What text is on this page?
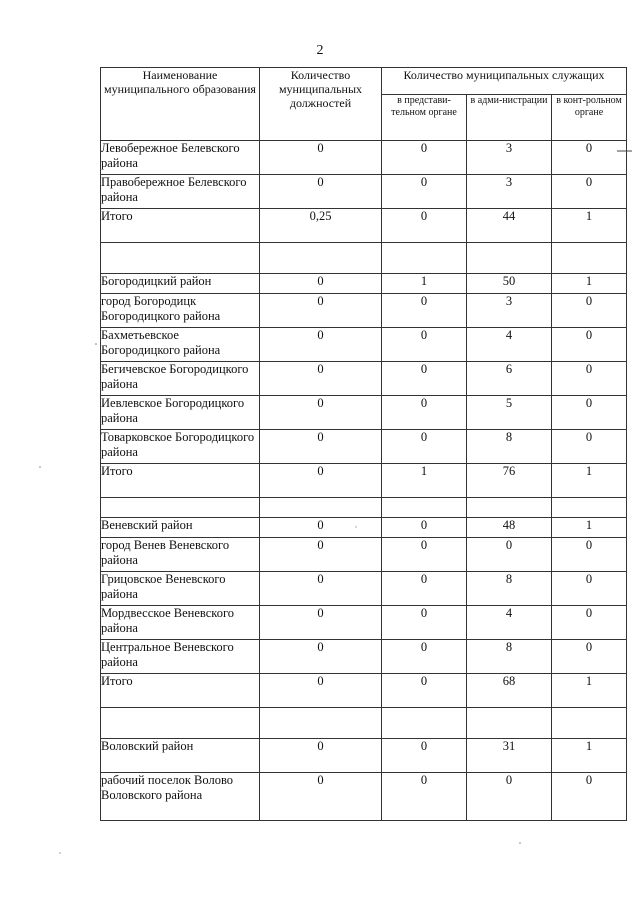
2
Наименование муниципального образования	Количество муниципальных должностей	Количество муниципальных служащих		
		в представи-тельном органе	в адми-нистрации	в конт-рольном органе
Левобережное Белевского района	0	0	3	0
Правобережное Белевского района	0	0	3	0
Итого	0,25	0	44	1

Богородицкий район	0	1	50	1
город Богородицк Богородицкого района	0	0	3	0
Бахметьевское Богородицкого района	0	0	4	0
Бегичевское Богородицкого района	0	0	6	0
Иевлевское Богородицкого района	0	0	5	0
Товарковское Богородицкого района	0	0	8	0
Итого	0	1	76	1

Веневский район	0	0	48	1
город Венев Веневского района	0	0	0	0
Грицовское Веневского района	0	0	8	0
Мордвесское Веневского района	0	0	4	0
Центральное Веневского района	0	0	8	0
Итого	0	0	68	1

Воловский район	0	0	31	1
рабочий поселок Волово Воловского района	0	0	0	0
